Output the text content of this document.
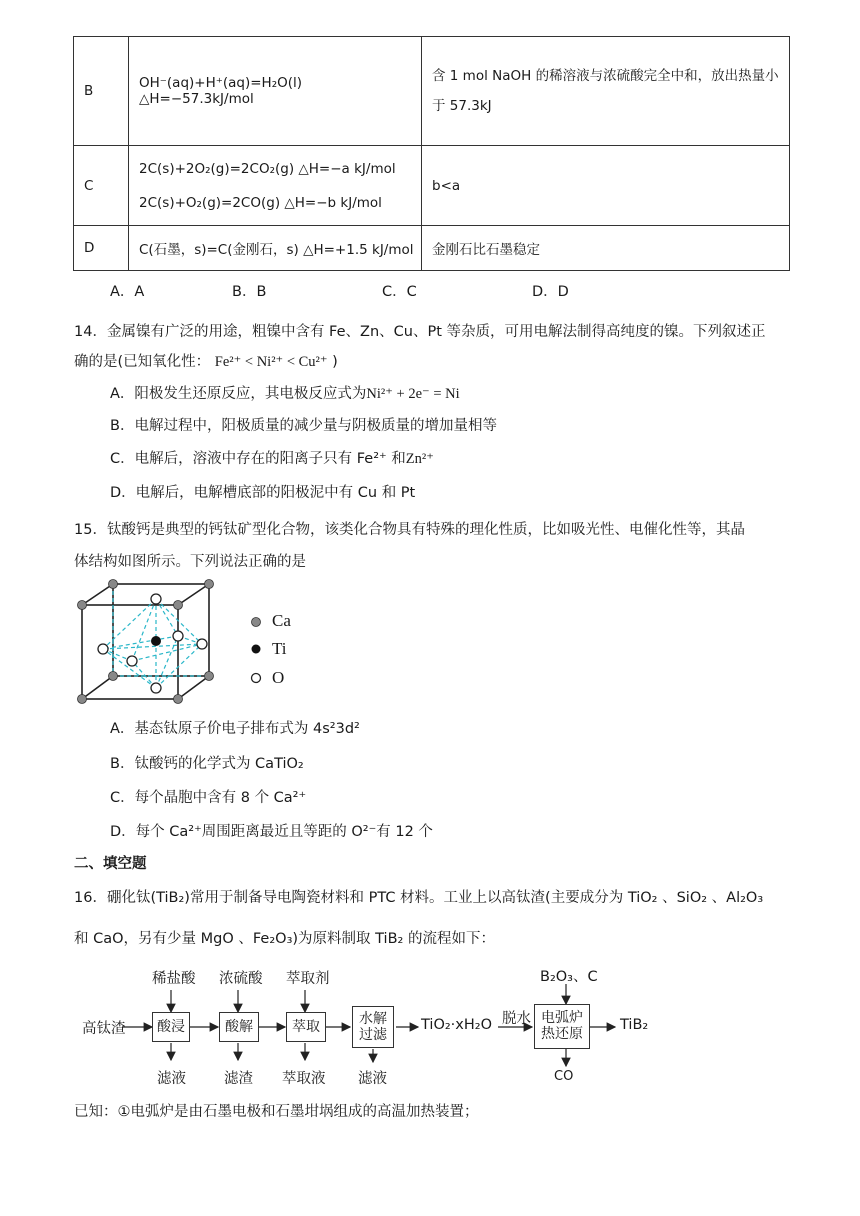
B	OH⁻(aq)+H⁺(aq)=H₂O(l) △H=−57.3kJ/mol	含 1 mol NaOH 的稀溶液与浓硫酸完全中和，放出热量小
于 57.3kJ

C	2C(s)+2O₂(g)=2CO₂(g) △H=−a kJ/mol
2C(s)+O₂(g)=2CO(g) △H=−b kJ/mol	b<a
D	C(石墨，s)=C(金刚石，s) △H=+1.5 kJ/mol	金刚石比石墨稳定
A．A	B．B	C．C	D．D
14．金属镍有广泛的用途，粗镍中含有 Fe、Zn、Cu、Pt 等杂质，可用电解法制得高纯度的镍。下列叙述正
确的是(已知氧化性： Fe²⁺ < Ni²⁺ < Cu²⁺ )
A．阳极发生还原反应，其电极反应式为Ni²⁺ + 2e⁻ = Ni
B．电解过程中，阳极质量的减少量与阴极质量的增加量相等
C．电解后，溶液中存在的阳离子只有 Fe²⁺ 和Zn²⁺
D．电解后，电解槽底部的阳极泥中有 Cu 和 Pt
15．钛酸钙是典型的钙钛矿型化合物，该类化合物具有特殊的理化性质，比如吸光性、电催化性等，其晶
体结构如图所示。下列说法正确的是
Ca
Ti
O
A．基态钛原子价电子排布式为 4s²3d²
B．钛酸钙的化学式为 CaTiO₂
C．每个晶胞中含有 8 个 Ca²⁺
D．每个 Ca²⁺周围距离最近且等距的 O²⁻有 12 个
二、填空题
16．硼化钛(TiB₂)常用于制备导电陶瓷材料和 PTC 材料。工业上以高钛渣(主要成分为 TiO₂ 、SiO₂ 、Al₂O₃
和 CaO，另有少量 MgO 、Fe₂O₃)为原料制取 TiB₂ 的流程如下：
高钛渣
稀盐酸
酸浸
滤液
浓硫酸
酸解
滤渣
萃取剂
萃取
萃取液
水解
过滤
滤液
TiO₂·xH₂O 脱水
B₂O₃、C
电弧炉
热还原
CO
TiB₂
已知：①电弧炉是由石墨电极和石墨坩埚组成的高温加热装置；
